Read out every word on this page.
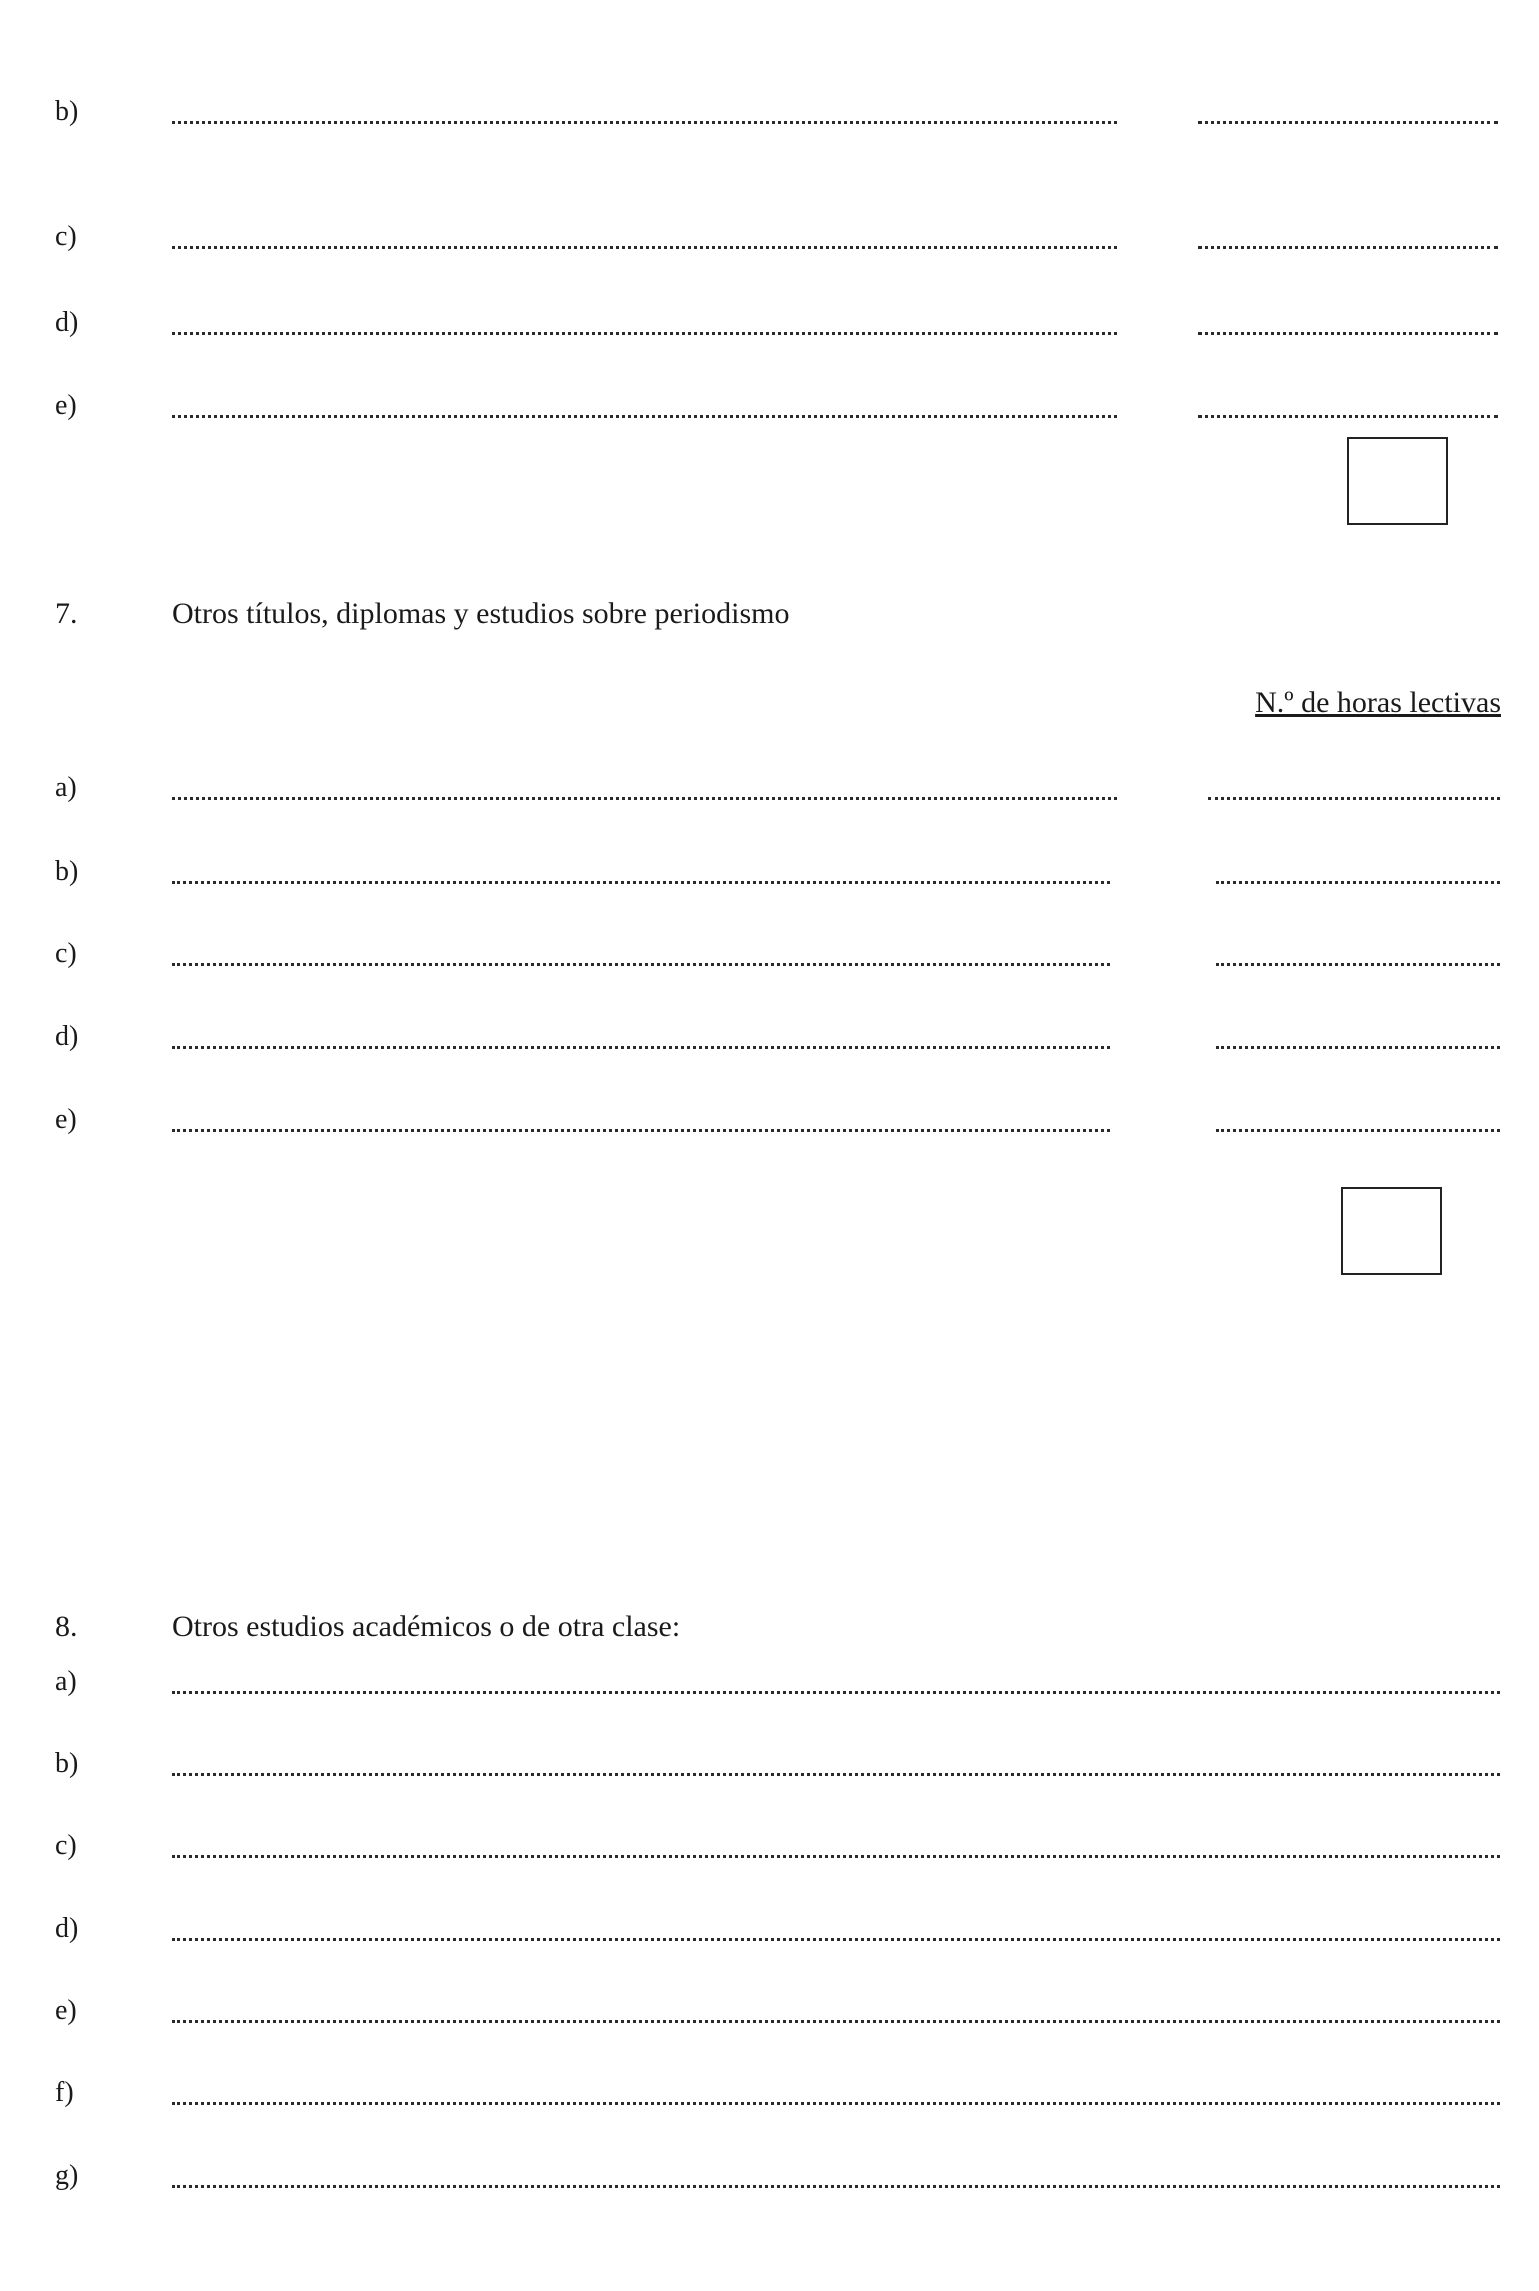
b)
c)
d)
e)
7.	Otros títulos, diplomas y estudios sobre periodismo
N.º de horas lectivas
a)
b)
c)
d)
e)
8.	Otros estudios académicos o de otra clase:
a)
b)
c)
d)
e)
f)
g)
